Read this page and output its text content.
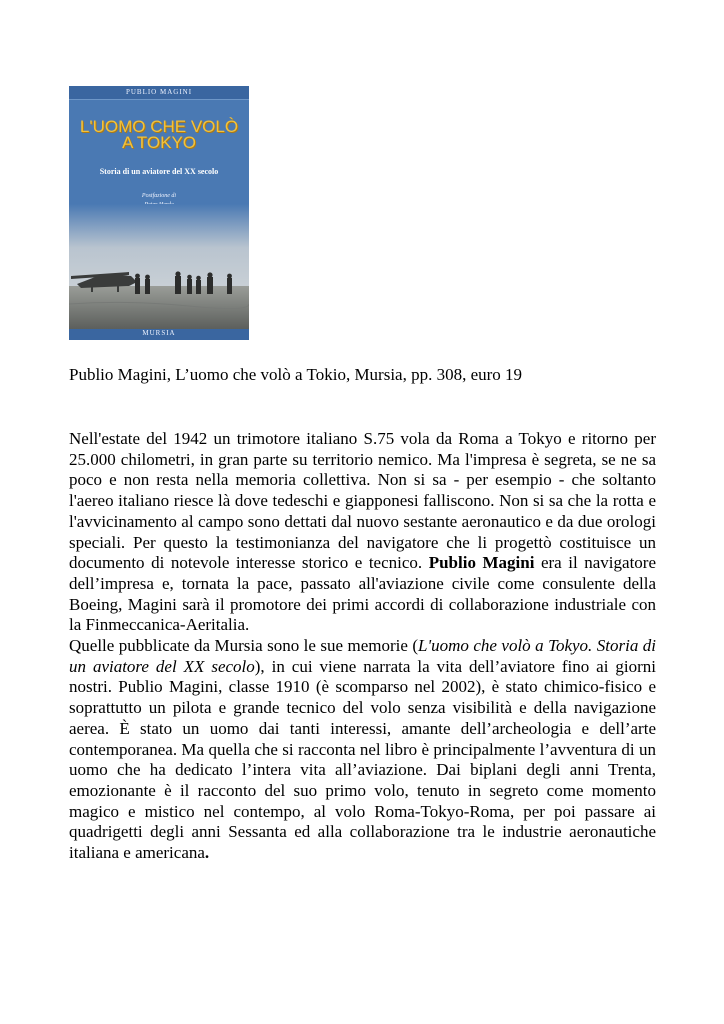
PUBLIO MAGINI
L'UOMO CHE VOLÒ
A TOKYO
Storia di un aviatore del XX secolo
Postfazione di
MURSIA
Publio Magini, L’uomo che volò a Tokio, Mursia, pp. 308, euro 19

Nell'estate del 1942 un trimotore italiano S.75 vola da Roma a Tokyo e ritorno per 25.000 chilometri, in gran parte su territorio nemico. Ma l'impresa è segreta, se ne sa poco e non resta nella memoria collettiva. Non si sa - per esempio - che soltanto l'aereo italiano riesce là dove tedeschi e giapponesi falliscono. Non si sa che la rotta e l'avvicinamento al campo sono dettati dal nuovo sestante aeronautico e da due orologi speciali. Per questo la testimonianza del navigatore che li progettò costituisce un documento di notevole interesse storico e tecnico. Publio Magini era il navigatore dell’impresa e, tornata la pace, passato all'aviazione civile come consulente della Boeing, Magini sarà il promotore dei primi accordi di collaborazione industriale con la Finmeccanica-Aeritalia.

Quelle pubblicate da Mursia sono le sue memorie (L'uomo che volò a Tokyo. Storia di un aviatore del XX secolo), in cui viene narrata la vita dell’aviatore fino ai giorni nostri. Publio Magini, classe 1910 (è scomparso nel 2002), è stato chimico-fisico e soprattutto un pilota e grande tecnico del volo senza visibilità e della navigazione aerea. È stato un uomo dai tanti interessi, amante dell’archeologia e dell’arte contemporanea. Ma quella che si racconta nel libro è principalmente l’avventura di un uomo che ha dedicato l’intera vita all’aviazione. Dai biplani degli anni Trenta, emozionante è il racconto del suo primo volo, tenuto in segreto come momento magico e mistico nel contempo, al volo Roma-Tokyo-Roma, per poi passare ai quadrigetti degli anni Sessanta ed alla collaborazione tra le industrie aeronautiche italiana e americana.
